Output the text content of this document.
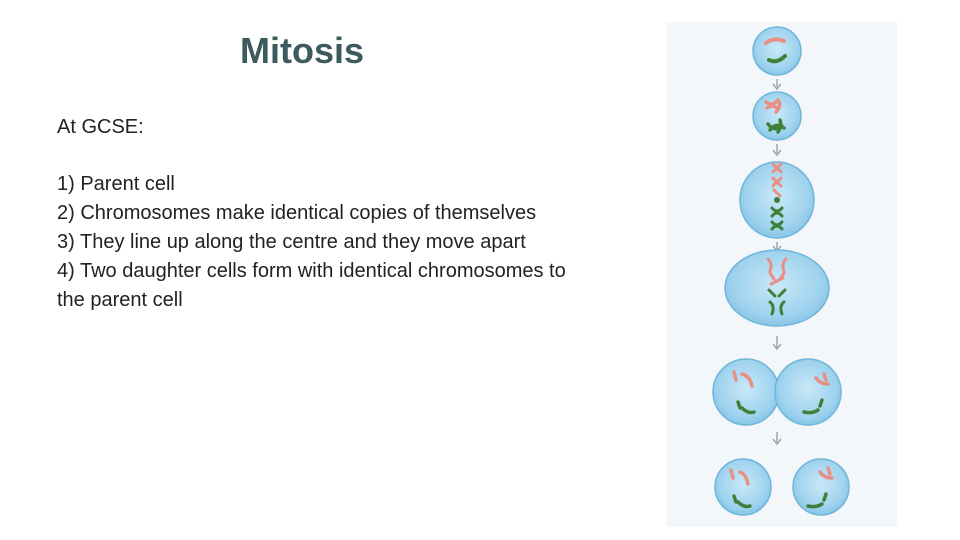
Mitosis

At GCSE:

1) Parent cell
2) Chromosomes make identical copies of themselves
3) They line up along the centre and they move apart
4) Two daughter cells form with identical chromosomes to the parent cell
